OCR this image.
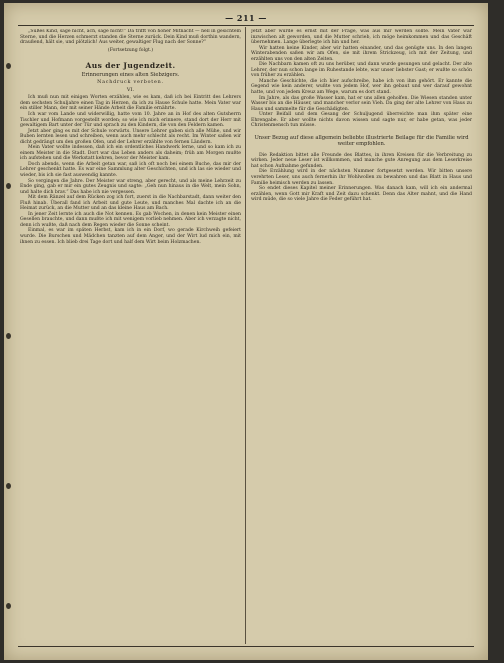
— 211 —

„Süßes Kind, sage nicht, ach, sage nicht!“ Da trifft von hoher Mitnacht — hell in gesichtem Sterne, und die Herzen schmerzt standen die Sterne zurück. Dein Kind muß dorthin wandern, draußend, hält sie, und plötzlich! Aus weiter, gewaltiger Flug nach der Sonne?“

(Fortsetzung folgt.)

Aus der Jugendzeit.

Erinnerungen eines alten Siebzigers.

Nachdruck verboten.

VI.

Ich muß nun mit einigen Worten erzählen, wie es kam, daß ich bei Eintritt des Lehrers dem sechsten Schuljahre einen Tag in Herzen, da ich zu Hause Schule hatte. Mein Vater war ein stiller Mann, der mit seiner Hände Arbeit die Familie ernährte.

Ich war vom Lande und widerwillig, hatte vom 10. Jahre an in Hof des alten Gutsherrn Tischler und Hofmann vorgestellt worden; so wie ich mich erinnere, stand dort der Herr mit gewaltigem Bart unter der Tür und sprach zu den Kindern, die von den Feldern kamen.

Jetzt aber ging es mit der Schule vorwärts. Unsere Lehrer gaben sich alle Mühe, und wir Buben lernten lesen und schreiben, wenn auch mehr schlecht als recht. Im Winter saßen wir dicht gedrängt um den großen Ofen, und der Lehrer erzählte von fernen Ländern.

Mein Vater wollte indessen, daß ich ein ordentliches Handwerk lerne, und so kam ich zu einem Meister in die Stadt. Dort war das Leben anders als daheim; früh am Morgen mußte ich aufstehen und die Werkstatt kehren, bevor der Meister kam.

Doch abends, wenn die Arbeit getan war, saß ich oft noch bei einem Buche, das mir der Lehrer geschenkt hatte. Es war eine Sammlung alter Geschichten, und ich las sie wieder und wieder, bis ich sie fast auswendig kannte.

So vergingen die Jahre. Der Meister war streng, aber gerecht, und als meine Lehrzeit zu Ende ging, gab er mir ein gutes Zeugnis und sagte: „Geh nun hinaus in die Welt, mein Sohn, und halte dich brav.“ Das habe ich nie vergessen.

Mit dem Ränzel auf dem Rücken zog ich fort, zuerst in die Nachbarstadt, dann weiter den Fluß hinab. Überall fand ich Arbeit und gute Leute, und manches Mal dachte ich an die Heimat zurück, an die Mutter und an das kleine Haus am Bach.

In jener Zeit lernte ich auch die Not kennen. Es gab Wochen, in denen kein Meister einen Gesellen brauchte, und dann mußte ich mit wenigem vorlieb nehmen. Aber ich verzagte nicht, denn ich wußte, daß nach dem Regen wieder die Sonne scheint.

Einmal, es war im späten Herbst, kam ich in ein Dorf, wo gerade Kirchweih gefeiert wurde. Die Burschen und Mädchen tanzten auf dem Anger, und der Wirt lud mich ein, mit ihnen zu essen. Ich blieb drei Tage dort und half dem Wirt beim Holzmachen.

Jetzt aber wurde es ernst mit der Frage, was aus mir werden sollte. Mein Vater war inzwischen alt geworden, und die Mutter schrieb, ich möge heimkommen und das Geschäft übernehmen. Lange überlegte ich hin und her.

Wir hatten keine Kinder, aber wir hatten einander, und das genügte uns. In den langen Winterabenden saßen wir am Ofen, sie mit ihrem Strickzeug, ich mit der Zeitung, und erzählten uns von den alten Zeiten.

Die Nachbarn kamen oft zu uns herüber, und dann wurde gesungen und gelacht. Der alte Lehrer, der nun schon lange im Ruhestande lebte, war unser liebster Gast; er wußte so schön von früher zu erzählen.

Manche Geschichte, die ich hier aufschreibe, habe ich von ihm gehört. Er kannte die Gegend wie kein anderer, wußte von jedem Hof, wer ihn gebaut und wer darauf gewohnt hatte, und von jedem Kreuz am Wege, warum es dort stand.

Im Jahre, als das große Wasser kam, hat er uns allen geholfen. Die Wiesen standen unter Wasser bis an die Häuser, und mancher verlor sein Vieh. Da ging der alte Lehrer von Haus zu Haus und sammelte für die Geschädigten.

Unter Beifall und dem Gesang der Schuljugend überreichte man ihm später eine Ehrengabe. Er aber wollte nichts davon wissen und sagte nur, er habe getan, was jeder Christenmensch tun müsse.

Unser Bezug auf diese allgemein beliebte illustrierte Beilage für die Familie wird weiter empfohlen.

Die Redaktion bittet alle Freunde des Blattes, in ihren Kreisen für die Verbreitung zu wirken. Jeder neue Leser ist willkommen, und manche gute Anregung aus dem Leserkreise hat schon Aufnahme gefunden.

Die Erzählung wird in der nächsten Nummer fortgesetzt werden. Wir bitten unsere verehrten Leser, uns auch fernerhin ihr Wohlwollen zu bewahren und das Blatt in Haus und Familie heimisch werden zu lassen.

So endet dieses Kapitel meiner Erinnerungen. Was danach kam, will ich ein andermal erzählen, wenn Gott mir Kraft und Zeit dazu schenkt. Denn das Alter mahnt, und die Hand wird müde, die so viele Jahre die Feder geführt hat.
